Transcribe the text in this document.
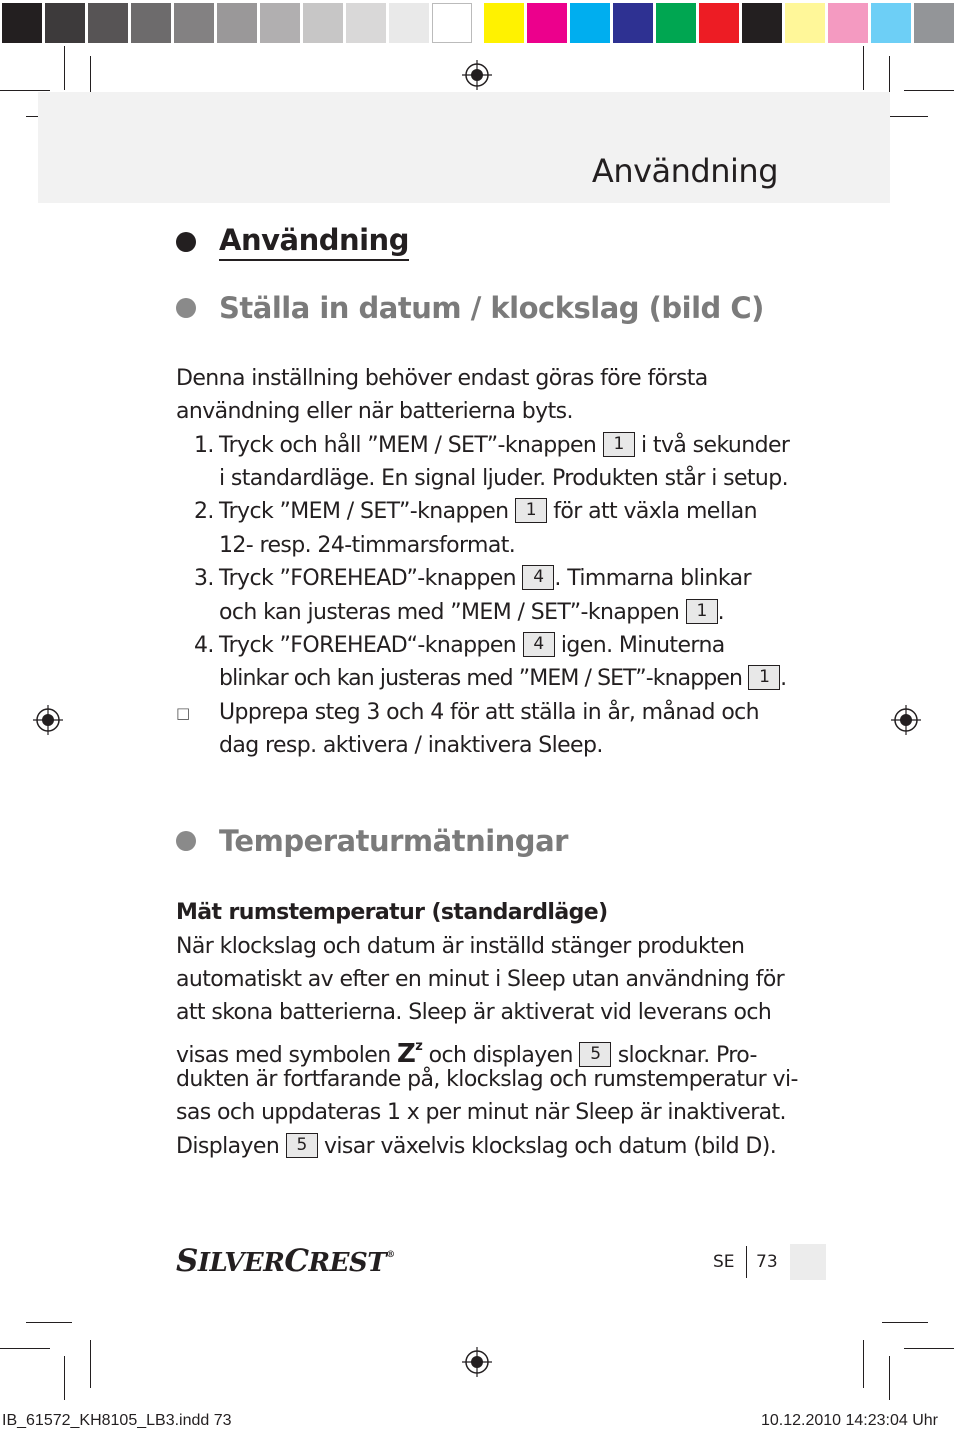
Användning
Användning
Ställa in datum / klockslag (bild C)
Denna inställning behöver endast göras före första
användning eller när batterierna byts.
1. Tryck och håll ”MEM / SET”-knappen 1 i två sekunder
i standardläge. En signal ljuder. Produkten står i setup.
2. Tryck ”MEM / SET”-knappen 1 för att växla mellan
12- resp. 24-timmarsformat.
3. Tryck ”FOREHEAD”-knappen 4 . Timmarna blinkar
och kan justeras med ”MEM / SET”-knappen 1 .
4. Tryck ”FOREHEAD“-knappen 4 igen. Minuterna
blinkar och kan justeras med ”MEM / SET”-knappen 1 .
□ Upprepa steg 3 och 4 för att ställa in år, månad och
dag resp. aktivera / inaktivera Sleep.
Temperaturmätningar
Mät rumstemperatur (standardläge)
När klockslag och datum är inställd stänger produkten
automatiskt av efter en minut i Sleep utan användning för
att skona batterierna. Sleep är aktiverat vid leverans och
visas med symbolen $Z^z$ och displayen 5 slocknar. Pro-
dukten är fortfarande på, klockslag och rumstemperatur vi-
sas och uppdateras 1 x per minut när Sleep är inaktiverat.
Displayen 5 visar växelvis klockslag och datum (bild D).
SILVERCREST®	SE 73
IB_61572_KH8105_LB3.indd 73	10.12.2010 14:23:04 Uhr
